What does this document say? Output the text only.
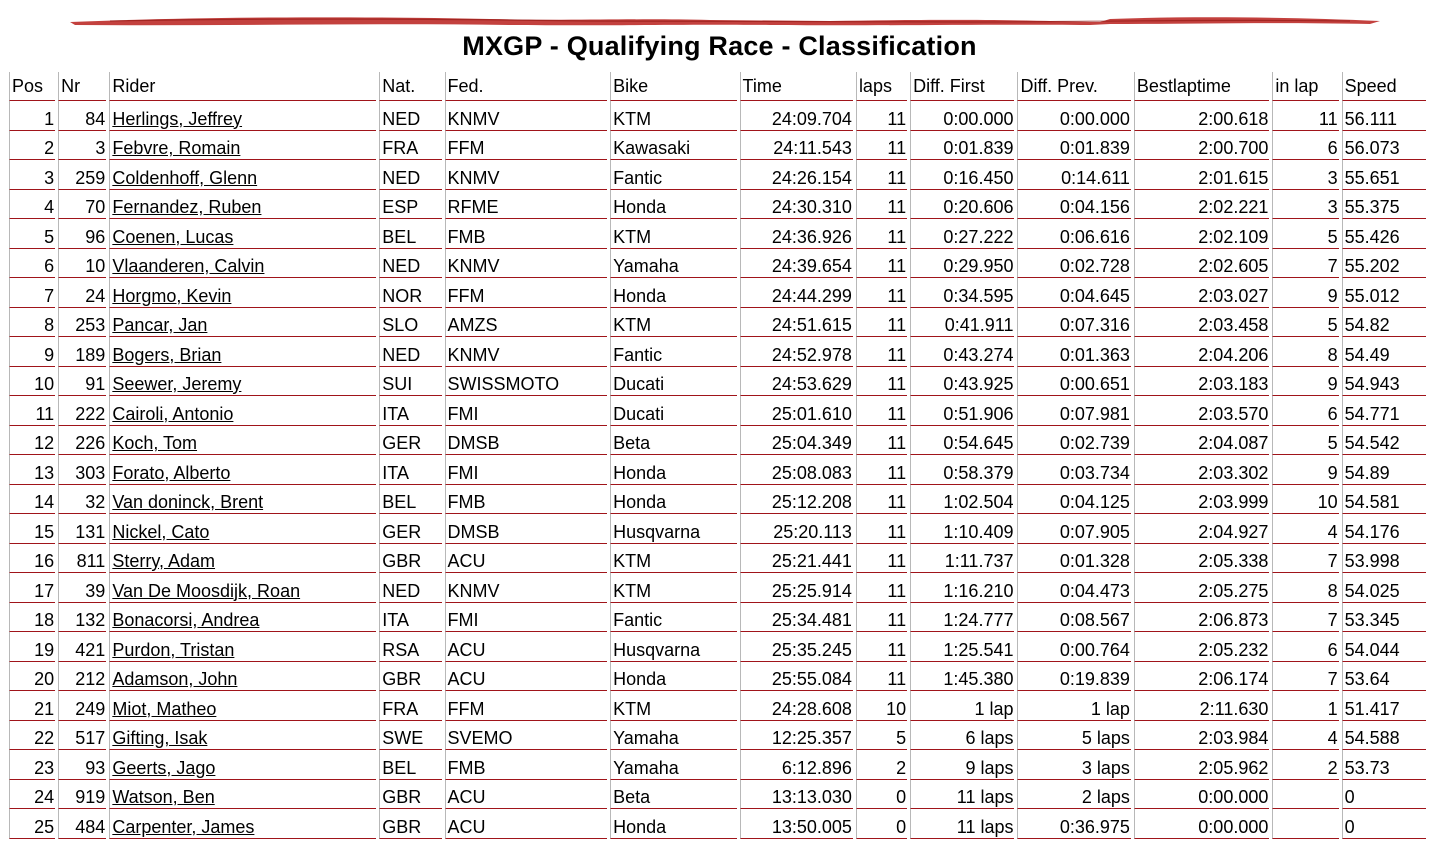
MXGP - Qualifying Race - Classification
Pos	Nr	Rider	Nat.	Fed.	Bike	Time	laps	Diff. First	Diff. Prev.	Bestlaptime	in lap	Speed
1	84	Herlings, Jeffrey	NED	KNMV	KTM	24:09.704	11	0:00.000	0:00.000	2:00.618	11	56.111
2	3	Febvre, Romain	FRA	FFM	Kawasaki	24:11.543	11	0:01.839	0:01.839	2:00.700	6	56.073
3	259	Coldenhoff, Glenn	NED	KNMV	Fantic	24:26.154	11	0:16.450	0:14.611	2:01.615	3	55.651
4	70	Fernandez, Ruben	ESP	RFME	Honda	24:30.310	11	0:20.606	0:04.156	2:02.221	3	55.375
5	96	Coenen, Lucas	BEL	FMB	KTM	24:36.926	11	0:27.222	0:06.616	2:02.109	5	55.426
6	10	Vlaanderen, Calvin	NED	KNMV	Yamaha	24:39.654	11	0:29.950	0:02.728	2:02.605	7	55.202
7	24	Horgmo, Kevin	NOR	FFM	Honda	24:44.299	11	0:34.595	0:04.645	2:03.027	9	55.012
8	253	Pancar, Jan	SLO	AMZS	KTM	24:51.615	11	0:41.911	0:07.316	2:03.458	5	54.82
9	189	Bogers, Brian	NED	KNMV	Fantic	24:52.978	11	0:43.274	0:01.363	2:04.206	8	54.49
10	91	Seewer, Jeremy	SUI	SWISSMOTO	Ducati	24:53.629	11	0:43.925	0:00.651	2:03.183	9	54.943
11	222	Cairoli, Antonio	ITA	FMI	Ducati	25:01.610	11	0:51.906	0:07.981	2:03.570	6	54.771
12	226	Koch, Tom	GER	DMSB	Beta	25:04.349	11	0:54.645	0:02.739	2:04.087	5	54.542
13	303	Forato, Alberto	ITA	FMI	Honda	25:08.083	11	0:58.379	0:03.734	2:03.302	9	54.89
14	32	Van doninck, Brent	BEL	FMB	Honda	25:12.208	11	1:02.504	0:04.125	2:03.999	10	54.581
15	131	Nickel, Cato	GER	DMSB	Husqvarna	25:20.113	11	1:10.409	0:07.905	2:04.927	4	54.176
16	811	Sterry, Adam	GBR	ACU	KTM	25:21.441	11	1:11.737	0:01.328	2:05.338	7	53.998
17	39	Van De Moosdijk, Roan	NED	KNMV	KTM	25:25.914	11	1:16.210	0:04.473	2:05.275	8	54.025
18	132	Bonacorsi, Andrea	ITA	FMI	Fantic	25:34.481	11	1:24.777	0:08.567	2:06.873	7	53.345
19	421	Purdon, Tristan	RSA	ACU	Husqvarna	25:35.245	11	1:25.541	0:00.764	2:05.232	6	54.044
20	212	Adamson, John	GBR	ACU	Honda	25:55.084	11	1:45.380	0:19.839	2:06.174	7	53.64
21	249	Miot, Matheo	FRA	FFM	KTM	24:28.608	10	1 lap	1 lap	2:11.630	1	51.417
22	517	Gifting, Isak	SWE	SVEMO	Yamaha	12:25.357	5	6 laps	5 laps	2:03.984	4	54.588
23	93	Geerts, Jago	BEL	FMB	Yamaha	6:12.896	2	9 laps	3 laps	2:05.962	2	53.73
24	919	Watson, Ben	GBR	ACU	Beta	13:13.030	0	11 laps	2 laps	0:00.000		0
25	484	Carpenter, James	GBR	ACU	Honda	13:50.005	0	11 laps	0:36.975	0:00.000		0
